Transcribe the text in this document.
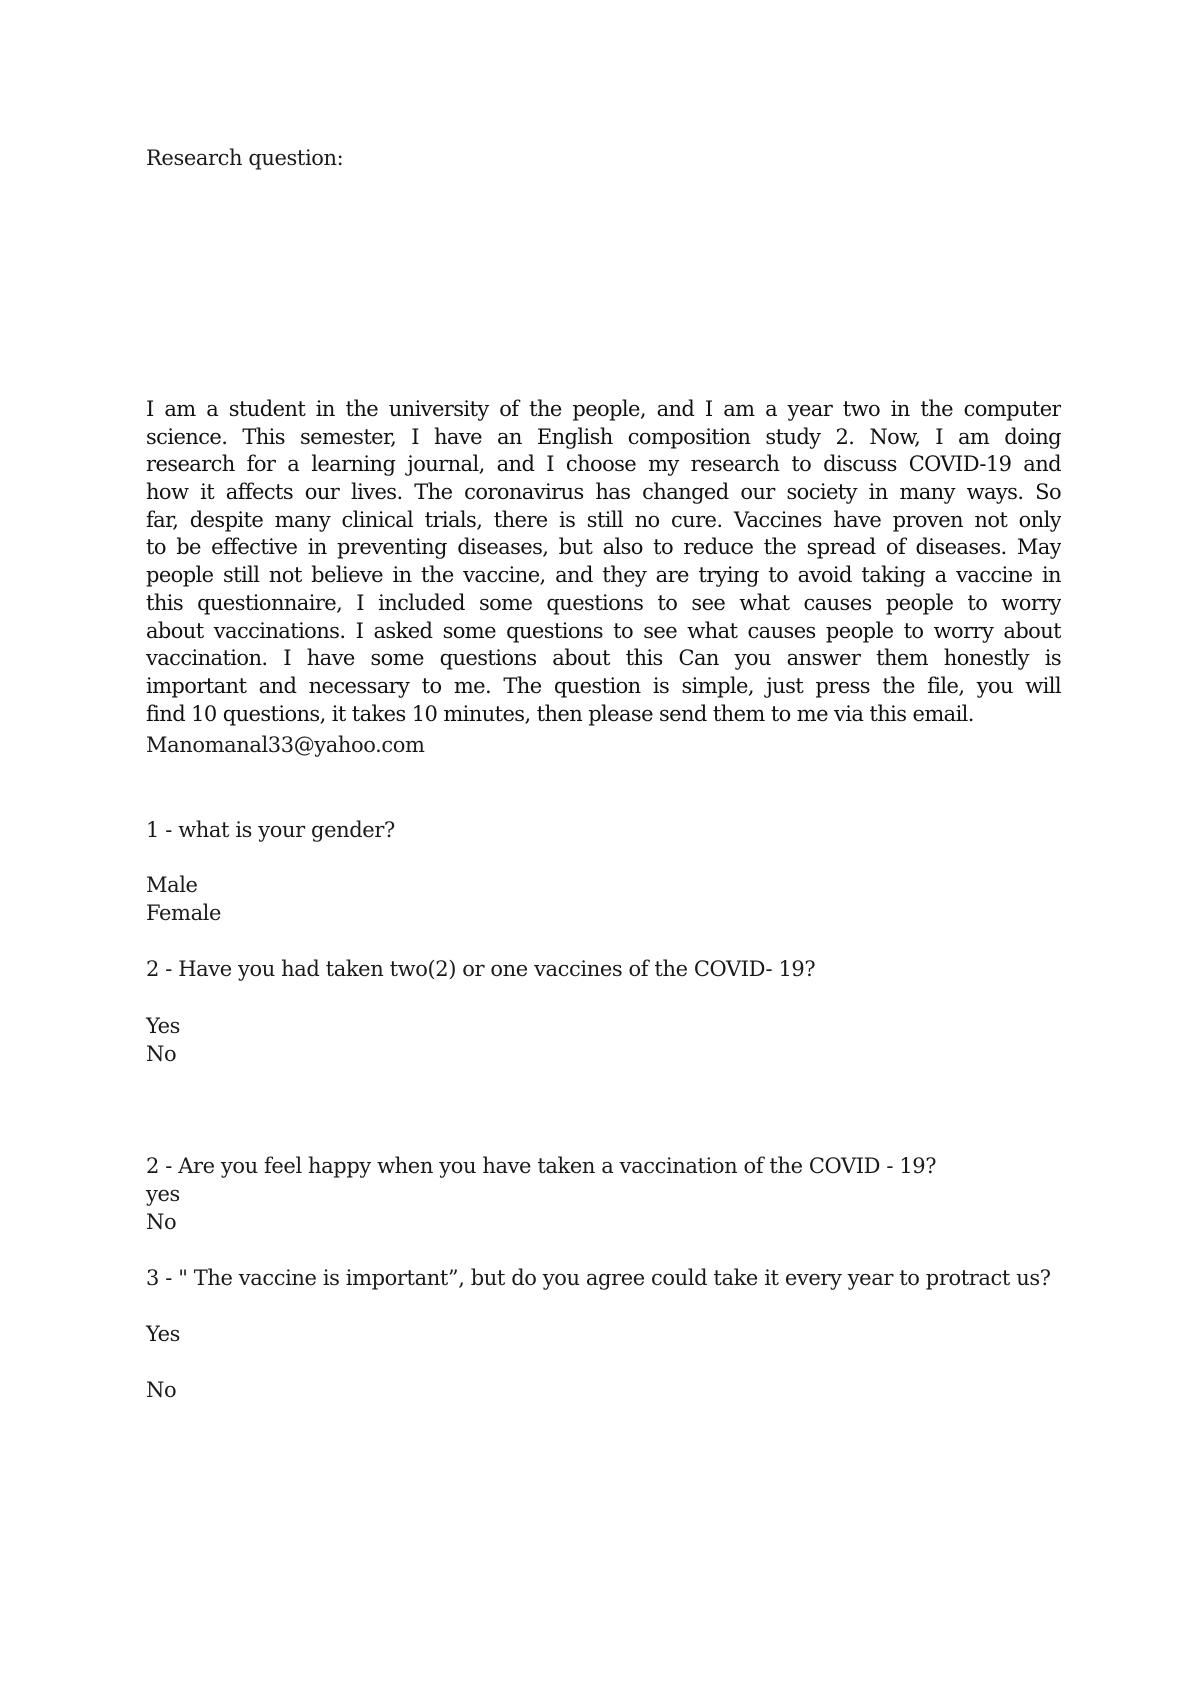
Research question:
I am a student in the university of the people, and I am a year two in the computer
science. This semester, I have an English composition study 2. Now, I am doing
research for a learning journal, and I choose my research to discuss COVID-19 and
how it affects our lives. The coronavirus has changed our society in many ways. So
far, despite many clinical trials, there is still no cure. Vaccines have proven not only
to be effective in preventing diseases, but also to reduce the spread of diseases. May
people still not believe in the vaccine, and they are trying to avoid taking a vaccine in
this questionnaire, I included some questions to see what causes people to worry
about vaccinations. I asked some questions to see what causes people to worry about
vaccination. I have some questions about this Can you answer them honestly is
important and necessary to me. The question is simple, just press the file, you will
find 10 questions, it takes 10 minutes, then please send them to me via this email.
Manomanal33@yahoo.com
1 - what is your gender?
Male
Female
2 - Have you had taken two(2) or one vaccines of the COVID- 19?
Yes
No
2 - Are you feel happy when you have taken a vaccination of the COVID - 19?
yes
No
3 - " The vaccine is important”, but do you agree could take it every year to protract us?
Yes
No
